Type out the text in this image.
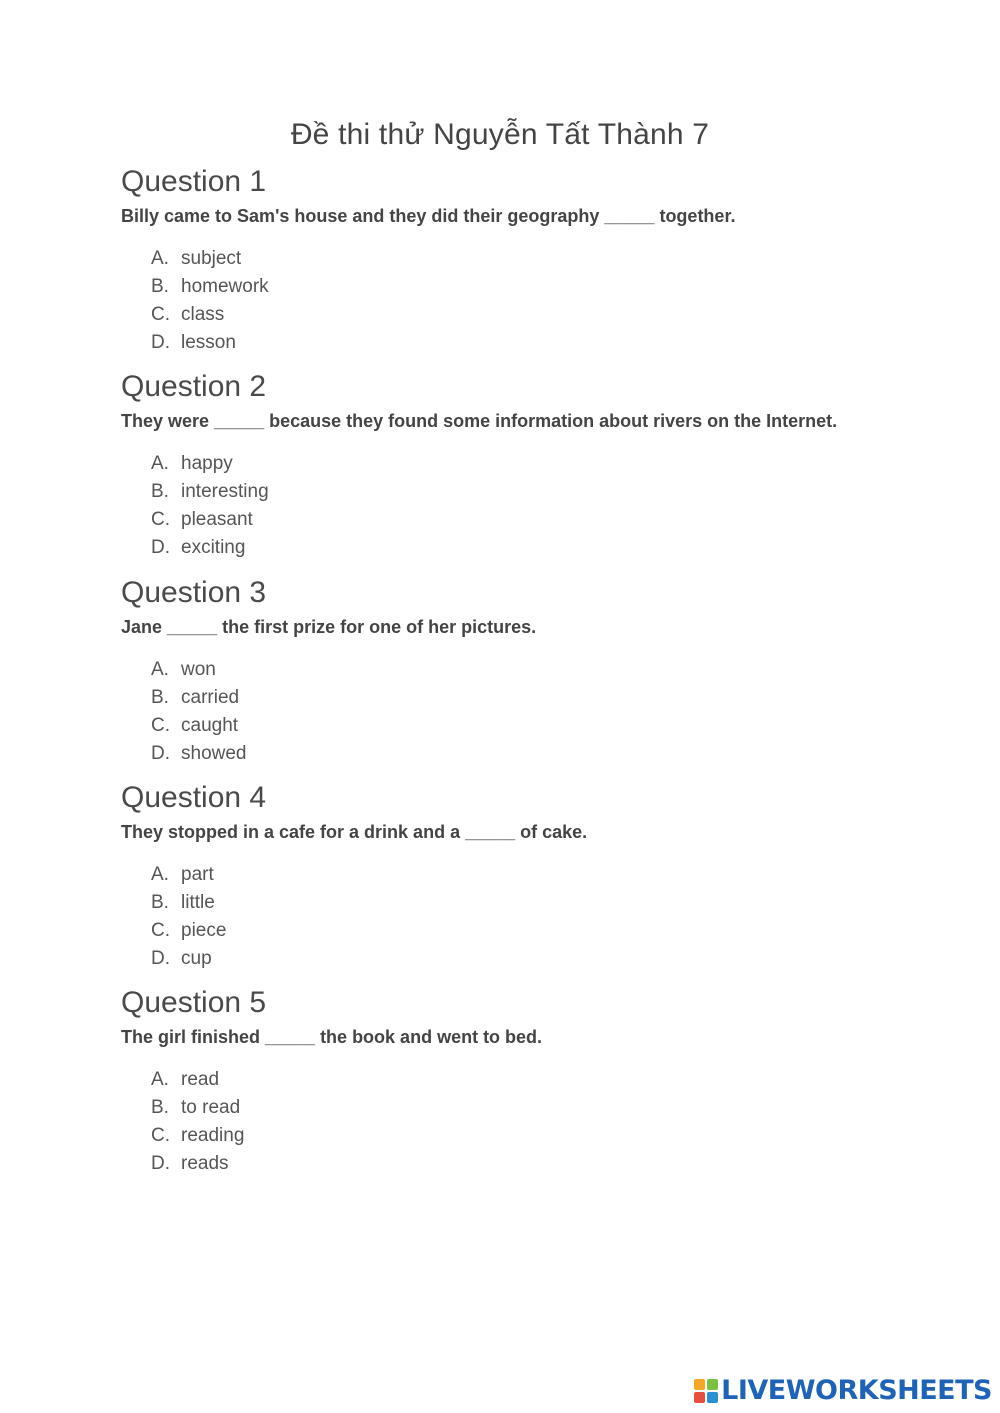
Đề thi thử Nguyễn Tất Thành 7
Question 1

Billy came to Sam's house and they did their geography _____ together.

A. subject
B. homework
C. class
D. lesson
Question 2

They were _____ because they found some information about rivers on the Internet.

A. happy
B. interesting
C. pleasant
D. exciting
Question 3

Jane _____ the first prize for one of her pictures.

A. won
B. carried
C. caught
D. showed
Question 4

They stopped in a cafe for a drink and a _____ of cake.

A. part
B. little
C. piece
D. cup
Question 5

The girl finished _____ the book and went to bed.

A. read
B. to read
C. reading
D. reads
LIVEWORKSHEETS
